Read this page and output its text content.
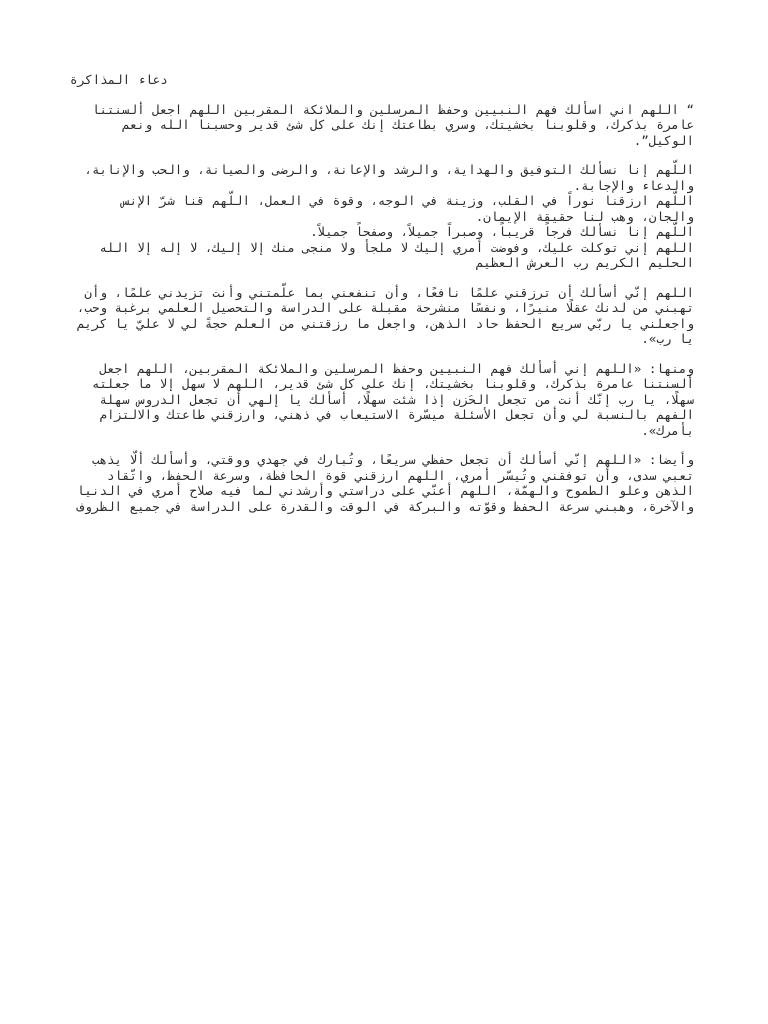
دعاء المذاكرة

“ اللهم اني اسألك فهم النبيين وحفظ المرسلين والملائكة المقربين اللهم اجعل ألسنتنا عامرة بذكرك، وقلوبنا بخشيتك، وسري بطاعتك إنك على كل شئ قدير وحسبنا الله ونعم الوكيل”.

اللّهم إنا نسألك التوفيق والهداية، والرشد والإعانة، والرضى والصيانة، والحب والإنابة، والدعاء والإجابة.

اللّهم ارزقنا نوراً في القلب، وزينة في الوجه، وقوة في العمل، اللّهم قنا شرّ الإنس والجان، وهب لنا حقيقة الإيمان.

اللّهم إنا نسألك فرجاً قريباً، وصبراً جميلاً، وصفحاً جميلاً.

اللهم إني توكلت عليك، وفوضت أمري إليك لا ملجأ ولا منجى منك إلا إليك، لا إله إلا الله الحليم الكريم رب العرش العظيم

اللهم إنّي أسألك أن ترزقني علمًا نافعًا، وأن تنفعني بما علّمتني وأنت تزيدني علمًا، وأن تهبني من لدنك عقلًا منيرًا، ونفسًا منشرحة مقبلة على الدراسة والتحصيل العلمي برغبة وحب، واجعلني يا ربّي سريع الحفظ حاد الذهن، واجعل ما رزقتني من العلم حجةً لي لا عليّ يا كريم يا رب».

ومنها: «اللهم إني أسألك فهم النبيين وحفظ المرسلين والملائكة المقربين، اللهم اجعل ألسنتنا عامرة بذكرك، وقلوبنا بخشيتك، إنك على كل شئ قدير، اللهم لا سهل إلا ما جعلته سهلًا، يا رب إنّك أنت من تجعل الحَزن إذا شئت سهلًا، أسألك يا إلهي أن تجعل الدروس سهلة الفهم بالنسبة لي وأن تجعل الأسئلة ميسّرة الاستيعاب في ذهني، وارزقني طاعتك والالتزام بأمرك».

وأيضا: «اللهم إنّي أسألك أن تجعل حفظي سريعًا، وتُبارك في جهدي ووقتي، وأسألك ألّا يذهب تعبي سدى، وأن توفقني وتُيسّر أمري، اللهم ارزقني قوة الحافظة، وسرعة الحفظ، واتّقاد الذهن وعلو الطموح والهمّة، اللهم أعنّي على دراستي وأرشدني لما فيه صلاح أمري في الدنيا والآخرة، وهبني سرعة الحفظ وقوّته والبركة في الوقت والقدرة على الدراسة في جميع الظروف
